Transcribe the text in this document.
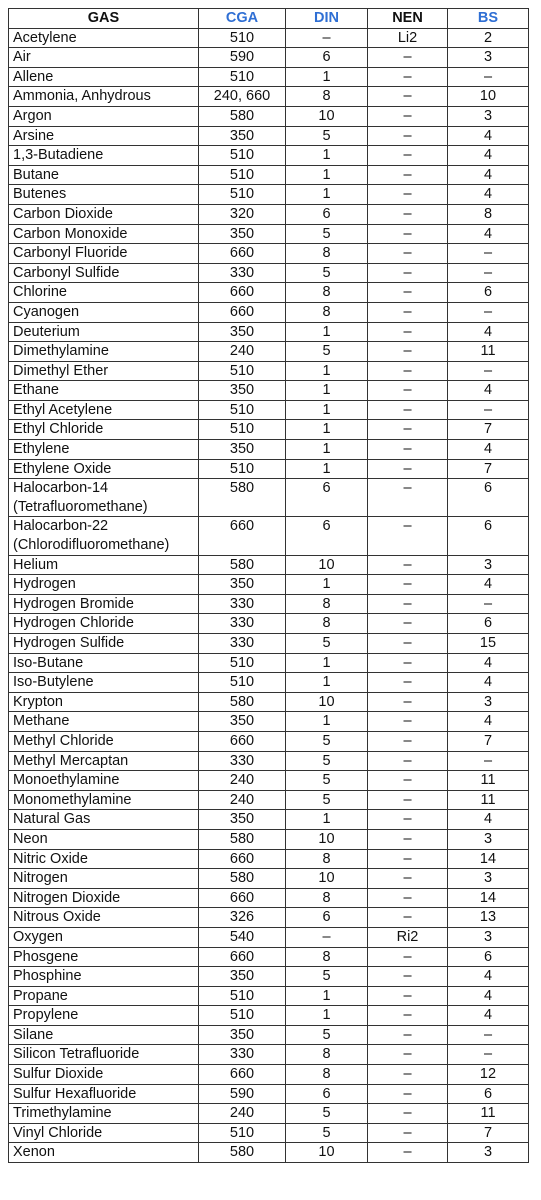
GAS	CGA	DIN	NEN	BS
Acetylene	510	–	Li2	2
Air	590	6	–	3
Allene	510	1	–	–
Ammonia, Anhydrous	240, 660	8	–	10
Argon	580	10	–	3
Arsine	350	5	–	4
1,3-Butadiene	510	1	–	4
Butane	510	1	–	4
Butenes	510	1	–	4
Carbon Dioxide	320	6	–	8
Carbon Monoxide	350	5	–	4
Carbonyl Fluoride	660	8	–	–
Carbonyl Sulfide	330	5	–	–
Chlorine	660	8	–	6
Cyanogen	660	8	–	–
Deuterium	350	1	–	4
Dimethylamine	240	5	–	11
Dimethyl Ether	510	1	–	–
Ethane	350	1	–	4
Ethyl Acetylene	510	1	–	–
Ethyl Chloride	510	1	–	7
Ethylene	350	1	–	4
Ethylene Oxide	510	1	–	7
Halocarbon-14
(Tetrafluoromethane)	580	6	–	6
Halocarbon-22
(Chlorodifluoromethane)	660	6	–	6
Helium	580	10	–	3
Hydrogen	350	1	–	4
Hydrogen Bromide	330	8	–	–
Hydrogen Chloride	330	8	–	6
Hydrogen Sulfide	330	5	–	15
Iso-Butane	510	1	–	4
Iso-Butylene	510	1	–	4
Krypton	580	10	–	3
Methane	350	1	–	4
Methyl Chloride	660	5	–	7
Methyl Mercaptan	330	5	–	–
Monoethylamine	240	5	–	11
Monomethylamine	240	5	–	11
Natural Gas	350	1	–	4
Neon	580	10	–	3
Nitric Oxide	660	8	–	14
Nitrogen	580	10	–	3
Nitrogen Dioxide	660	8	–	14
Nitrous Oxide	326	6	–	13
Oxygen	540	–	Ri2	3
Phosgene	660	8	–	6
Phosphine	350	5	–	4
Propane	510	1	–	4
Propylene	510	1	–	4
Silane	350	5	–	–
Silicon Tetrafluoride	330	8	–	–
Sulfur Dioxide	660	8	–	12
Sulfur Hexafluoride	590	6	–	6
Trimethylamine	240	5	–	11
Vinyl Chloride	510	5	–	7
Xenon	580	10	–	3
